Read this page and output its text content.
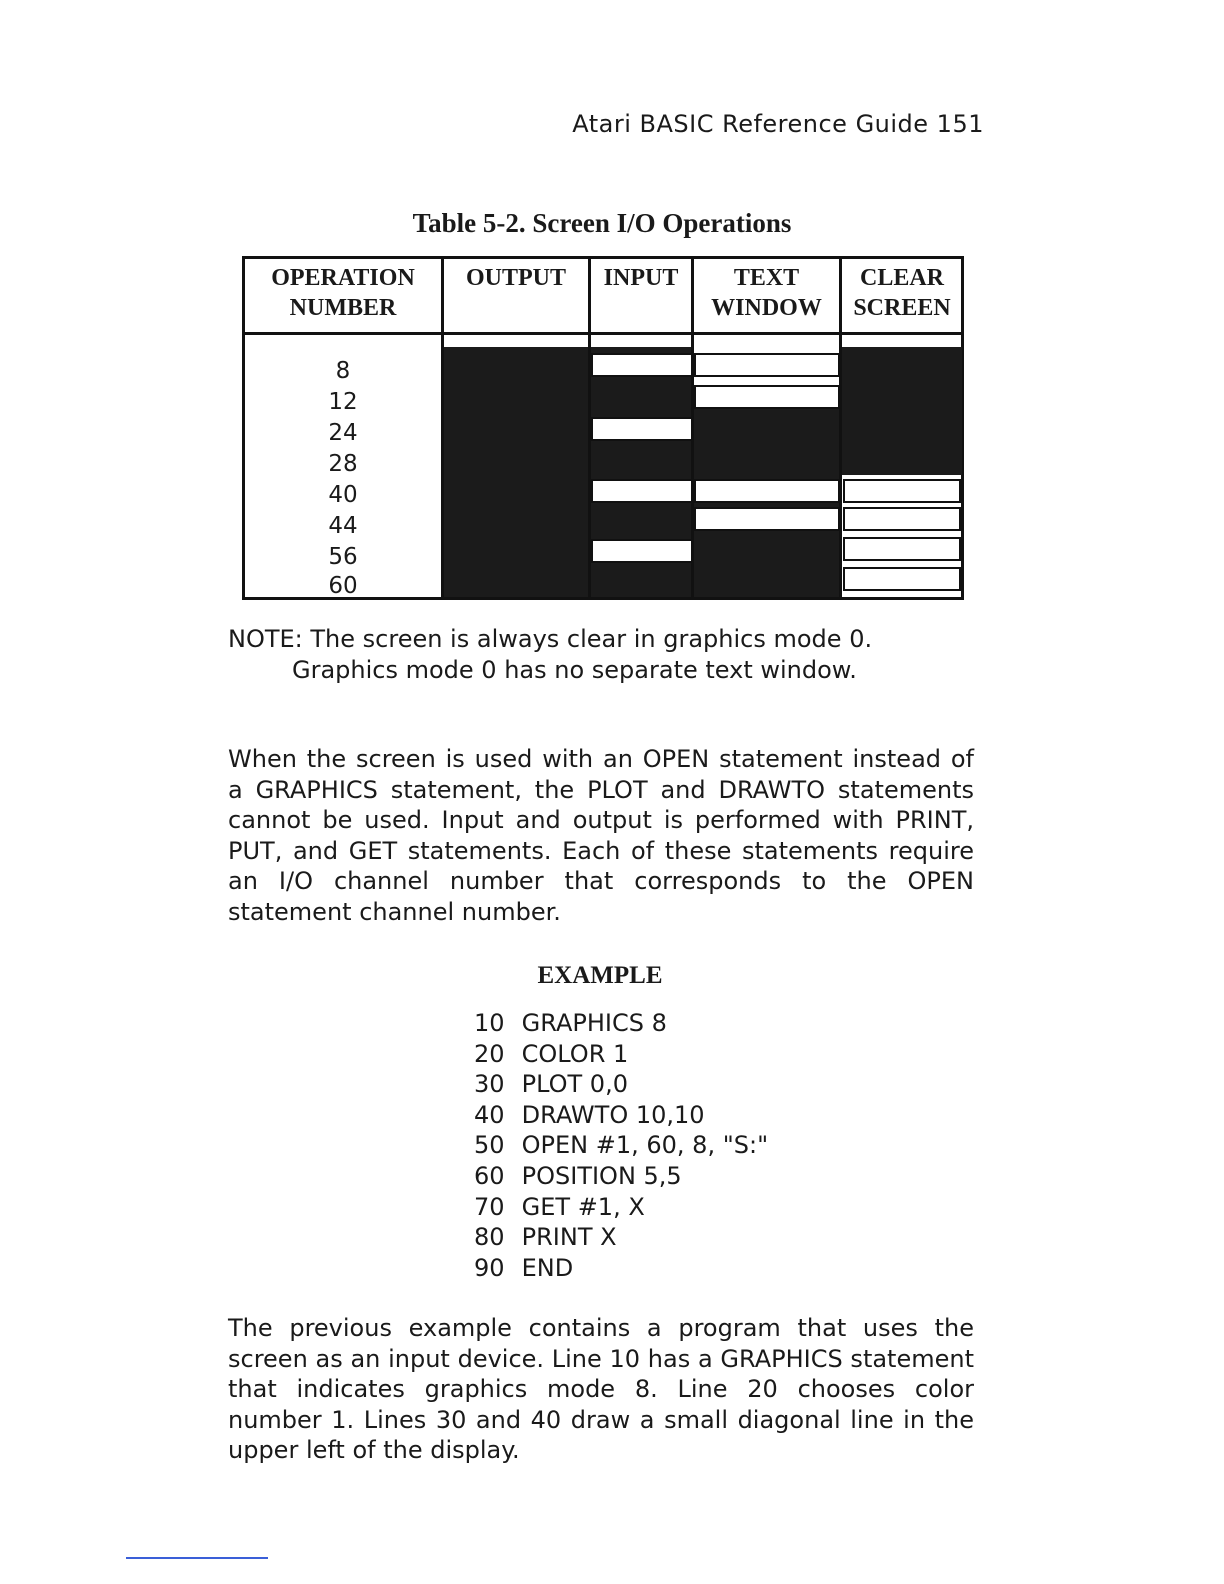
Atari BASIC Reference Guide 151
Table 5-2. Screen I/O Operations
OPERATION
NUMBER
OUTPUT	INPUT	TEXT
WINDOW
CLEAR
SCREEN
8
12
24
28
40
44
56
60
NOTE: The screen is always clear in graphics mode 0.
Graphics mode 0 has no separate text window.
When the screen is used with an OPEN statement instead of a GRAPHICS statement, the PLOT and DRAWTO statements cannot be used. Input and output is performed with PRINT, PUT, and GET statements. Each of these statements require an I/O channel number that corresponds to the OPEN statement channel number.
EXAMPLE
10 GRAPHICS 8
20 COLOR 1
30 PLOT 0,0
40 DRAWTO 10,10
50 OPEN #1, 60, 8, "S:"
60 POSITION 5,5
70 GET #1, X
80 PRINT X
90 END
The previous example contains a program that uses the screen as an input device. Line 10 has a GRAPHICS statement that indicates graphics mode 8. Line 20 chooses color number 1. Lines 30 and 40 draw a small diagonal line in the upper left of the display.
